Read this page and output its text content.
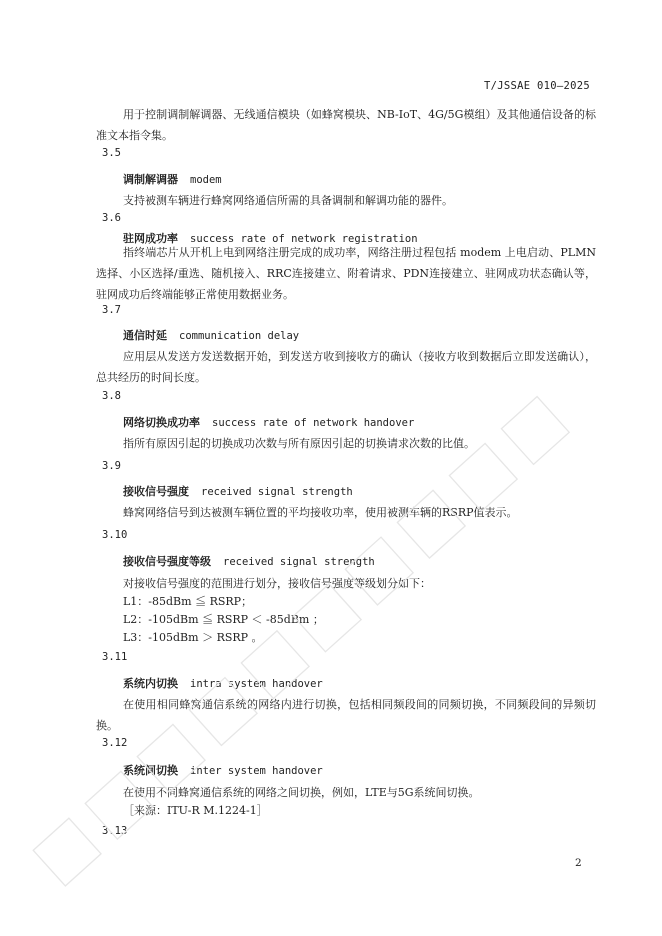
T/JSSAE 010—2025
用于控制调制解调器、无线通信模块（如蜂窝模块、NB-IoT、4G/5G模组）及其他通信设备的标准文本指令集。
3.5
调制解调器 modem
支持被测车辆进行蜂窝网络通信所需的具备调制和解调功能的器件。
3.6
驻网成功率 success rate of network registration
指终端芯片从开机上电到网络注册完成的成功率，网络注册过程包括 modem 上电启动、PLMN选择、小区选择/重选、随机接入、RRC连接建立、附着请求、PDN连接建立、驻网成功状态确认等，驻网成功后终端能够正常使用数据业务。
3.7
通信时延 communication delay
应用层从发送方发送数据开始，到发送方收到接收方的确认（接收方收到数据后立即发送确认），总共经历的时间长度。
3.8
网络切换成功率 success rate of network handover
指所有原因引起的切换成功次数与所有原因引起的切换请求次数的比值。
3.9
接收信号强度 received signal strength
蜂窝网络信号到达被测车辆位置的平均接收功率，使用被测车辆的RSRP值表示。
3.10
接收信号强度等级 received signal strength
对接收信号强度的范围进行划分，接收信号强度等级划分如下：
L1：-85dBm ≦ RSRP；
L2：-105dBm ≦ RSRP ＜ -85dBm ；
L3：-105dBm ＞ RSRP 。
3.11
系统内切换 intra system handover
在使用相同蜂窝通信系统的网络内进行切换，包括相同频段间的同频切换，不同频段间的异频切换。
3.12
系统间切换 inter system handover
在使用不同蜂窝通信系统的网络之间切换，例如，LTE与5G系统间切换。
［来源：ITU-R M.1224-1］
3.13
2
